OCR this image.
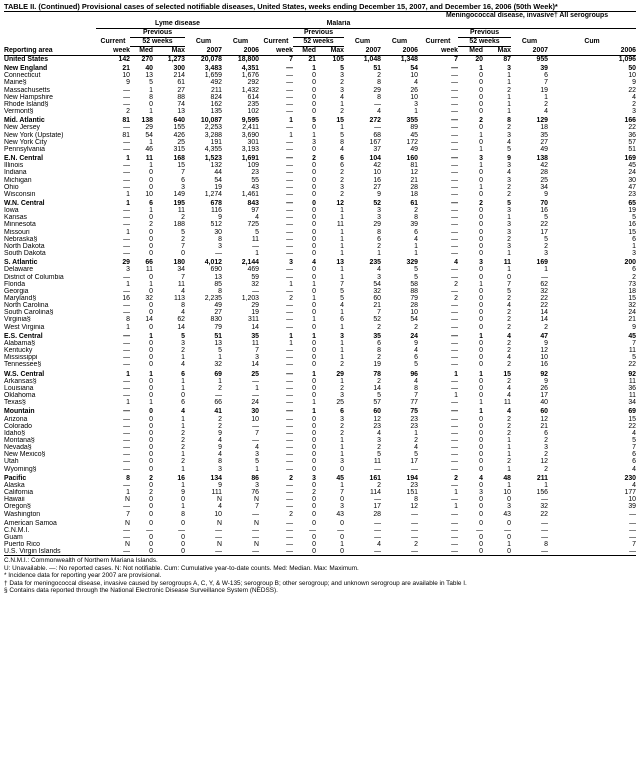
TABLE II. (Continued) Provisional cases of selected notifiable diseases, United States, weeks ending December 15, 2007, and December 16, 2006 (50th Week)*
											Meningococcal disease, invasive† All serogroups				
	Lyme disease					Malaria									
		Previous					Previous					Previous			
	Current	52 weeks		Cum	Cum	Current	52 weeks		Cum	Cum	Current	52 weeks		Cum	Cum
Reporting area	week	Med	Max	2007	2006	week	Med	Max	2007	2006	week	Med	Max	2007	2006
United States	142	270	1,273	20,078	18,800	7	21	105	1,048	1,348	7	20	87	955	1,096
New England	21	40	300	3,483	4,351	—	1	5	51	54	—	1	3	39	50
Connecticut	10	13	214	1,659	1,676	—	0	3	2	10	—	0	1	6	10
Maine§	9	5	61	492	292	—	0	2	8	4	—	0	1	7	9
Massachusetts	—	1	27	211	1,432	—	0	3	29	26	—	0	2	19	22
New Hampshire	—	8	88	824	614	—	0	4	8	10	—	0	1	1	4
Rhode Island§	—	0	74	162	235	—	0	1	—	3	—	0	1	2	2
Vermont§	2	1	13	135	102	—	0	2	4	1	—	0	1	4	3
Mid. Atlantic	81	138	640	10,087	9,595	1	5	15	272	355	—	2	8	129	166
New Jersey	—	29	155	2,253	2,411	—	0	1	—	89	—	0	2	18	22
New York (Upstate)	81	54	426	3,288	3,690	1	1	5	68	45	—	1	3	35	36
New York City	—	1	25	191	301	—	3	8	167	172	—	0	4	27	57
Pennsylvania	—	46	315	4,355	3,193	—	0	4	37	49	—	1	5	49	51
E.N. Central	1	11	168	1,523	1,691	—	2	6	104	160	—	3	9	138	169
Illinois	—	1	15	132	109	—	0	6	42	81	—	1	3	42	45
Indiana	—	0	7	44	23	—	0	2	10	12	—	0	4	28	24
Michigan	—	0	6	54	55	—	0	2	16	21	—	0	3	25	30
Ohio	—	0	3	19	43	—	0	3	27	28	—	1	2	34	47
Wisconsin	1	10	149	1,274	1,461	—	0	2	9	18	—	0	2	9	23
W.N. Central	1	6	195	678	843	—	0	12	52	61	—	2	5	70	65
Iowa	—	1	11	116	97	—	0	1	3	2	—	0	3	16	19
Kansas	—	0	2	9	4	—	0	1	3	8	—	0	1	5	5
Minnesota	—	2	188	512	725	—	0	11	29	39	—	0	3	22	16
Missouri	1	0	5	30	5	—	0	1	8	6	—	0	3	17	15
Nebraska§	—	0	2	8	11	—	0	1	6	4	—	0	2	5	6
North Dakota	—	0	7	3	—	—	0	1	2	1	—	0	3	2	1
South Dakota	—	0	0	—	1	—	0	1	1	1	—	0	1	3	3
S. Atlantic	29	66	180	4,012	2,144	3	4	13	235	329	4	3	11	169	200
Delaware	3	11	34	690	469	—	0	1	4	5	—	0	1	1	6
District of Columbia	—	0	7	13	59	—	0	1	3	5	—	0	0	—	2
Florida	1	1	11	85	32	1	1	7	54	58	2	1	7	62	73
Georgia	—	0	4	8	—	—	0	5	32	88	—	0	5	32	18
Maryland§	16	32	113	2,235	1,203	2	1	5	60	79	2	0	2	22	15
North Carolina	—	0	8	49	29	—	0	4	21	28	—	0	4	22	32
South Carolina§	—	0	4	27	19	—	0	1	7	10	—	0	2	14	24
Virginia§	8	14	62	830	311	—	1	6	52	54	—	0	2	14	21
West Virginia	1	0	14	79	14	—	0	1	2	2	—	0	2	2	9
E.S. Central	—	1	5	51	35	1	1	3	35	24	—	1	4	47	45
Alabama§	—	0	3	13	11	1	0	1	6	9	—	0	2	9	7
Kentucky	—	0	2	5	7	—	0	1	8	4	—	0	2	12	11
Mississippi	—	0	1	1	3	—	0	1	2	6	—	0	4	10	5
Tennessee§	—	0	4	32	14	—	0	2	19	5	—	0	2	16	22
W.S. Central	1	1	6	69	25	—	1	29	78	96	1	1	15	92	92
Arkansas§	—	0	1	1	—	—	0	1	2	4	—	0	2	9	11
Louisiana	—	0	1	2	1	—	0	2	14	8	—	0	4	26	36
Oklahoma	—	0	0	—	—	—	0	3	5	7	1	0	4	17	11
Texas§	1	1	6	66	24	—	1	25	57	77	—	1	11	40	34
Mountain	—	0	4	41	30	—	1	6	60	75	—	1	4	60	69
Arizona	—	0	1	2	10	—	0	3	12	23	—	0	2	12	15
Colorado	—	0	1	2	—	—	0	2	23	23	—	0	2	21	22
Idaho§	—	0	2	9	7	—	0	2	4	1	—	0	2	6	4
Montana§	—	0	2	4	—	—	0	1	3	2	—	0	1	2	5
Nevada§	—	0	2	9	4	—	0	1	2	4	—	0	1	3	7
New Mexico§	—	0	1	4	3	—	0	1	5	5	—	0	1	2	6
Utah	—	0	2	8	5	—	0	3	11	17	—	0	2	12	6
Wyoming§	—	0	1	3	1	—	0	0	—	—	—	0	1	2	4
Pacific	8	2	16	134	86	2	3	45	161	194	2	4	48	211	230
Alaska	—	0	1	9	3	—	0	1	2	23	—	0	1	1	4
California	1	2	9	111	76	—	2	7	114	151	1	3	10	156	177
Hawaii	N	0	0	N	N	—	0	0	—	8	—	0	0	—	10
Oregon§	—	0	1	4	7	—	0	3	17	12	1	0	3	32	39
Washington	7	0	8	10	—	2	0	43	28	—	—	0	43	22	—
American Samoa	N	0	0	N	N	—	0	0	—	—	—	0	0	—	—
C.N.M.I.	—	—	—	—	—	—	—	—	—	—	—	—	—	—	—
Guam	—	0	0	—	—	—	0	0	—	—	—	0	0	—	—
Puerto Rico	N	0	0	N	N	—	0	1	4	2	—	0	1	8	7
U.S. Virgin Islands	—	0	0	—	—	—	0	0	—	—	—	0	0	—	—
C.N.M.I.: Commonwealth of Northern Mariana Islands.
U: Unavailable. —: No reported cases. N: Not notifiable. Cum: Cumulative year-to-date counts. Med: Median. Max: Maximum.
* Incidence data for reporting year 2007 are provisional.
† Data for meningococcal disease, invasive caused by serogroups A, C, Y, & W-135; serogroup B; other serogroup; and unknown serogroup are available in Table I.
§ Contains data reported through the National Electronic Disease Surveillance System (NEDSS).
